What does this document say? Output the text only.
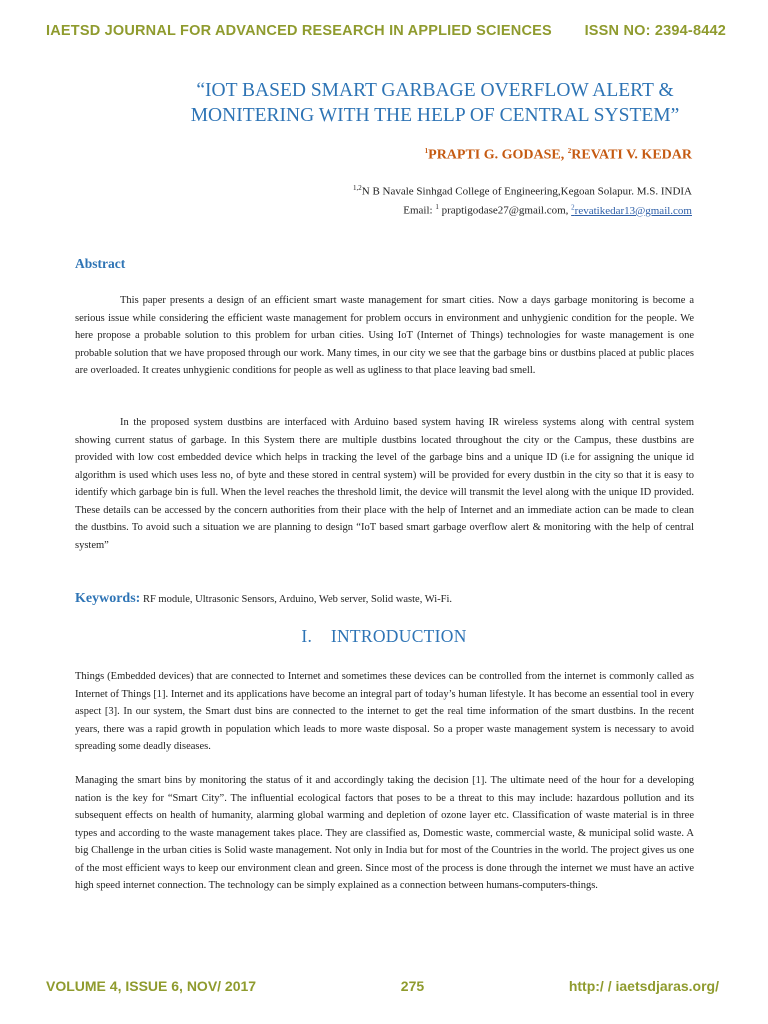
IAETSD JOURNAL FOR ADVANCED RESEARCH IN APPLIED SCIENCES ISSN NO: 2394-8442
“IOT BASED SMART GARBAGE OVERFLOW ALERT &
MONITERING WITH THE HELP OF CENTRAL SYSTEM”
$^1$PRAPTI G. GODASE, $^2$REVATI V. KEDAR
$^{1,2}$N B Navale Sinhgad College of Engineering,Kegoan Solapur. M.S. INDIA
Email: $^1$ praptigodase27@gmail.com, $^2$revatikedar13@gmail.com
Abstract

This paper presents a design of an efficient smart waste management for smart cities. Now a days garbage monitoring is become a serious issue while considering the efficient waste management for problem occurs in environment and unhygienic condition for the people. We here propose a probable solution to this problem for urban cities. Using IoT (Internet of Things) technologies for waste management is one probable solution that we have proposed through our work. Many times, in our city we see that the garbage bins or dustbins placed at public places are overloaded. It creates unhygienic conditions for people as well as ugliness to that place leaving bad smell.

In the proposed system dustbins are interfaced with Arduino based system having IR wireless systems along with central system showing current status of garbage. In this System there are multiple dustbins located throughout the city or the Campus, these dustbins are provided with low cost embedded device which helps in tracking the level of the garbage bins and a unique ID (i.e for assigning the unique id algorithm is used which uses less no, of byte and these stored in central system) will be provided for every dustbin in the city so that it is easy to identify which garbage bin is full. When the level reaches the threshold limit, the device will transmit the level along with the unique ID provided. These details can be accessed by the concern authorities from their place with the help of Internet and an immediate action can be made to clean the dustbins. To avoid such a situation we are planning to design “IoT based smart garbage overflow alert & monitoring with the help of central system”

Keywords: RF module, Ultrasonic Sensors, Arduino, Web server, Solid waste, Wi-Fi.

I.    INTRODUCTION

Things (Embedded devices) that are connected to Internet and sometimes these devices can be controlled from the internet is commonly called as Internet of Things [1]. Internet and its applications have become an integral part of today’s human lifestyle. It has become an essential tool in every aspect [3]. In our system, the Smart dust bins are connected to the internet to get the real time information of the smart dustbins. In the recent years, there was a rapid growth in population which leads to more waste disposal. So a proper waste management system is necessary to avoid spreading some deadly diseases.

Managing the smart bins by monitoring the status of it and accordingly taking the decision [1]. The ultimate need of the hour for a developing nation is the key for “Smart City”. The influential ecological factors that poses to be a threat to this may include: hazardous pollution and its subsequent effects on health of humanity, alarming global warming and depletion of ozone layer etc. Classification of waste material is in three types and according to the waste management takes place. They are classified as, Domestic waste, commercial waste, & municipal solid waste. A big Challenge in the urban cities is Solid waste management. Not only in India but for most of the Countries in the world. The project gives us one of the most efficient ways to keep our environment clean and green. Since most of the process is done through the internet we must have an active high speed internet connection. The technology can be simply explained as a connection between humans-computers-things.

VOLUME 4, ISSUE 6, NOV/ 2017	275	http:/ / iaetsdjaras.org/
